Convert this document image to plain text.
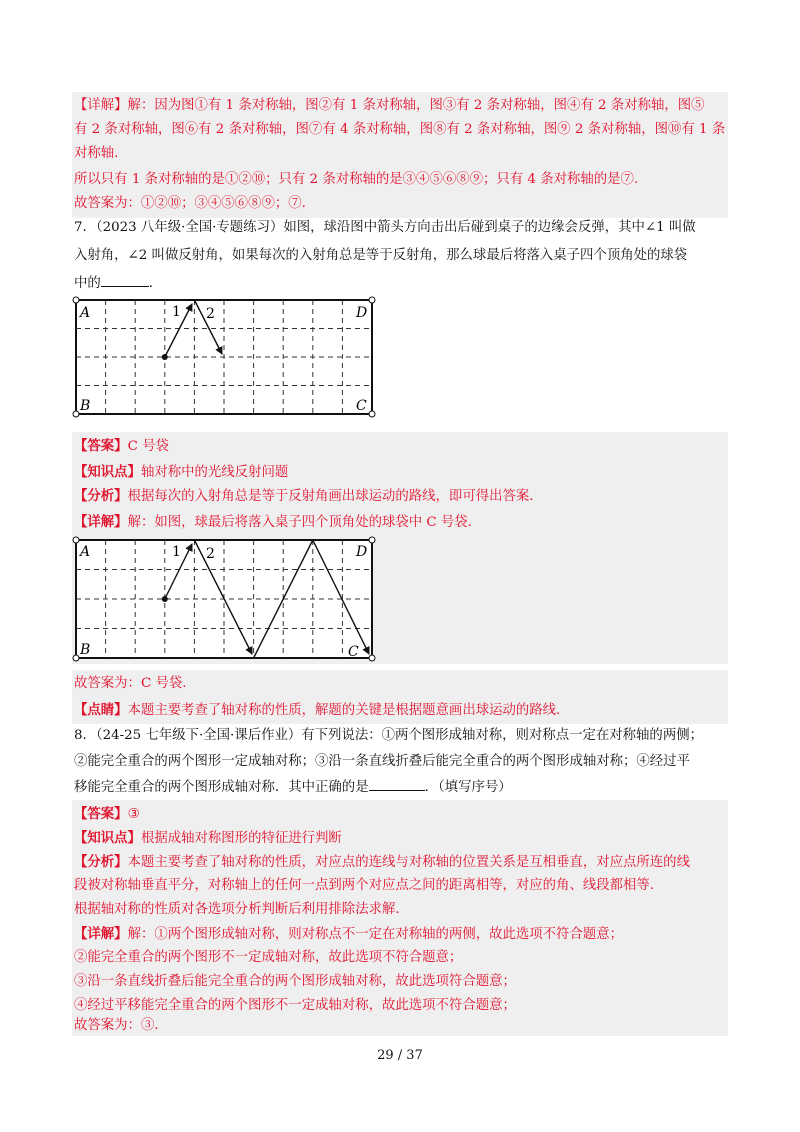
【详解】解：因为图①有 1 条对称轴，图②有 1 条对称轴，图③有 2 条对称轴，图④有 2 条对称轴，图⑤
有 2 条对称轴，图⑥有 2 条对称轴，图⑦有 4 条对称轴，图⑧有 2 条对称轴，图⑨ 2 条对称轴，图⑩有 1 条
对称轴.
所以只有 1 条对称轴的是①②⑩；只有 2 条对称轴的是③④⑤⑥⑧⑨；只有 4 条对称轴的是⑦.
故答案为：①②⑩；③④⑤⑥⑧⑨；⑦.
7．（2023 八年级·全国·专题练习）如图，球沿图中箭头方向击出后碰到桌子的边缘会反弹，其中∠1 叫做
入射角，∠2 叫做反射角，如果每次的入射角总是等于反射角，那么球最后将落入桌子四个顶角处的球袋
中的	．
A	D
B	C
1 2
【答案】C 号袋
【知识点】轴对称中的光线反射问题
【分析】根据每次的入射角总是等于反射角画出球运动的路线，即可得出答案．
【详解】解：如图，球最后将落入桌子四个顶角处的球袋中 C 号袋．
A	D
B	C
1 2
故答案为：C 号袋．
【点睛】本题主要考查了轴对称的性质，解题的关键是根据题意画出球运动的路线．
8．（24-25 七年级下·全国·课后作业）有下列说法：①两个图形成轴对称，则对称点一定在对称轴的两侧；
②能完全重合的两个图形一定成轴对称；③沿一条直线折叠后能完全重合的两个图形成轴对称；④经过平
移能完全重合的两个图形成轴对称．其中正确的是	．（填写序号）
【答案】③
【知识点】根据成轴对称图形的特征进行判断
【分析】本题主要考查了轴对称的性质，对应点的连线与对称轴的位置关系是互相垂直，对应点所连的线
段被对称轴垂直平分，对称轴上的任何一点到两个对应点之间的距离相等，对应的角、线段都相等．
根据轴对称的性质对各选项分析判断后利用排除法求解．
【详解】解：①两个图形成轴对称，则对称点不一定在对称轴的两侧，故此选项不符合题意；
②能完全重合的两个图形不一定成轴对称，故此选项不符合题意；
③沿一条直线折叠后能完全重合的两个图形成轴对称，故此选项符合题意；
④经过平移能完全重合的两个图形不一定成轴对称，故此选项不符合题意；
故答案为：③．
29 / 37
